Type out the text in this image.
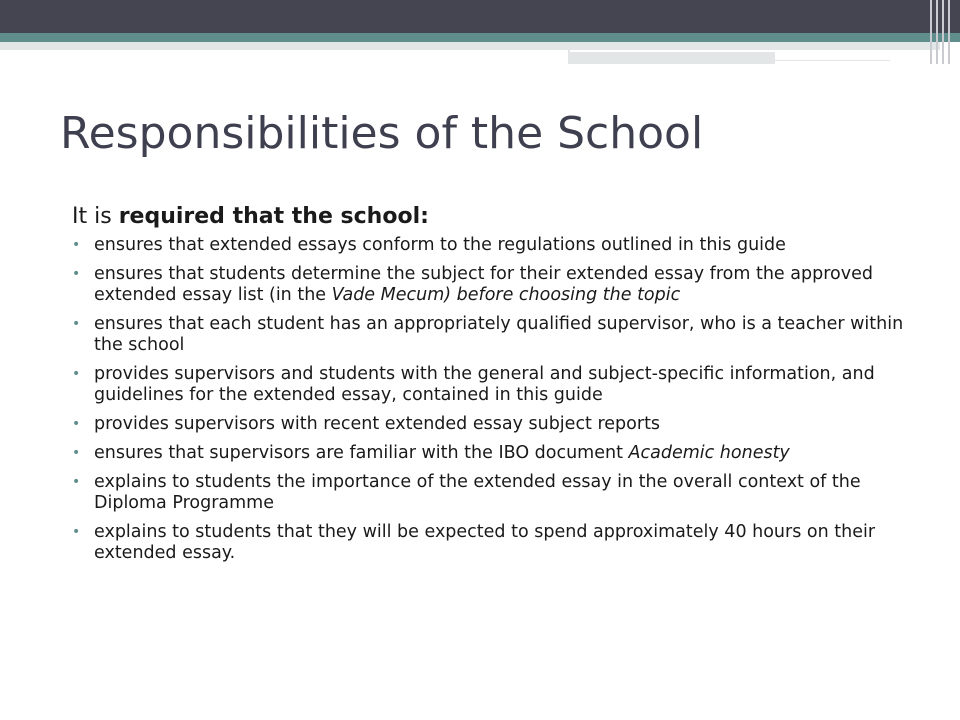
Responsibilities of the School

It is required that the school:

• ensures that extended essays conform to the regulations outlined in this guide
• ensures that students determine the subject for their extended essay from the approved extended essay list (in the Vade Mecum) before choosing the topic
• ensures that each student has an appropriately qualified supervisor, who is a teacher within the school
• provides supervisors and students with the general and subject-specific information, and guidelines for the extended essay, contained in this guide
• provides supervisors with recent extended essay subject reports
• ensures that supervisors are familiar with the IBO document Academic honesty
• explains to students the importance of the extended essay in the overall context of the Diploma Programme
• explains to students that they will be expected to spend approximately 40 hours on their extended essay.
